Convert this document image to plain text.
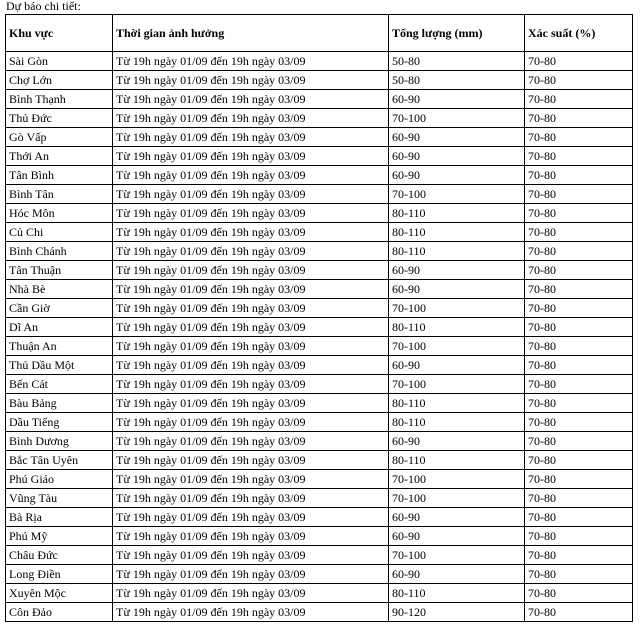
Dự báo chi tiết:
Khu vực	Thời gian ảnh hưởng	Tổng lượng (mm)	Xác suất (%)
Sài Gòn	Từ 19h ngày 01/09 đến 19h ngày 03/09	50-80	70-80
Chợ Lớn	Từ 19h ngày 01/09 đến 19h ngày 03/09	50-80	70-80
Bình Thạnh	Từ 19h ngày 01/09 đến 19h ngày 03/09	60-90	70-80
Thủ Đức	Từ 19h ngày 01/09 đến 19h ngày 03/09	70-100	70-80
Gò Vấp	Từ 19h ngày 01/09 đến 19h ngày 03/09	60-90	70-80
Thới An	Từ 19h ngày 01/09 đến 19h ngày 03/09	60-90	70-80
Tân Bình	Từ 19h ngày 01/09 đến 19h ngày 03/09	60-90	70-80
Bình Tân	Từ 19h ngày 01/09 đến 19h ngày 03/09	70-100	70-80
Hóc Môn	Từ 19h ngày 01/09 đến 19h ngày 03/09	80-110	70-80
Củ Chi	Từ 19h ngày 01/09 đến 19h ngày 03/09	80-110	70-80
Bình Chánh	Từ 19h ngày 01/09 đến 19h ngày 03/09	80-110	70-80
Tân Thuận	Từ 19h ngày 01/09 đến 19h ngày 03/09	60-90	70-80
Nhà Bè	Từ 19h ngày 01/09 đến 19h ngày 03/09	60-90	70-80
Cần Giờ	Từ 19h ngày 01/09 đến 19h ngày 03/09	70-100	70-80
Dĩ An	Từ 19h ngày 01/09 đến 19h ngày 03/09	80-110	70-80
Thuận An	Từ 19h ngày 01/09 đến 19h ngày 03/09	70-100	70-80
Thủ Dầu Một	Từ 19h ngày 01/09 đến 19h ngày 03/09	60-90	70-80
Bến Cát	Từ 19h ngày 01/09 đến 19h ngày 03/09	70-100	70-80
Bàu Bảng	Từ 19h ngày 01/09 đến 19h ngày 03/09	80-110	70-80
Dầu Tiếng	Từ 19h ngày 01/09 đến 19h ngày 03/09	80-110	70-80
Bình Dương	Từ 19h ngày 01/09 đến 19h ngày 03/09	60-90	70-80
Bắc Tân Uyên	Từ 19h ngày 01/09 đến 19h ngày 03/09	80-110	70-80
Phú Giáo	Từ 19h ngày 01/09 đến 19h ngày 03/09	70-100	70-80
Vũng Tàu	Từ 19h ngày 01/09 đến 19h ngày 03/09	70-100	70-80
Bà Rịa	Từ 19h ngày 01/09 đến 19h ngày 03/09	60-90	70-80
Phú Mỹ	Từ 19h ngày 01/09 đến 19h ngày 03/09	60-90	70-80
Châu Đức	Từ 19h ngày 01/09 đến 19h ngày 03/09	70-100	70-80
Long Điền	Từ 19h ngày 01/09 đến 19h ngày 03/09	60-90	70-80
Xuyên Mộc	Từ 19h ngày 01/09 đến 19h ngày 03/09	80-110	70-80
Côn Đảo	Từ 19h ngày 01/09 đến 19h ngày 03/09	90-120	70-80
